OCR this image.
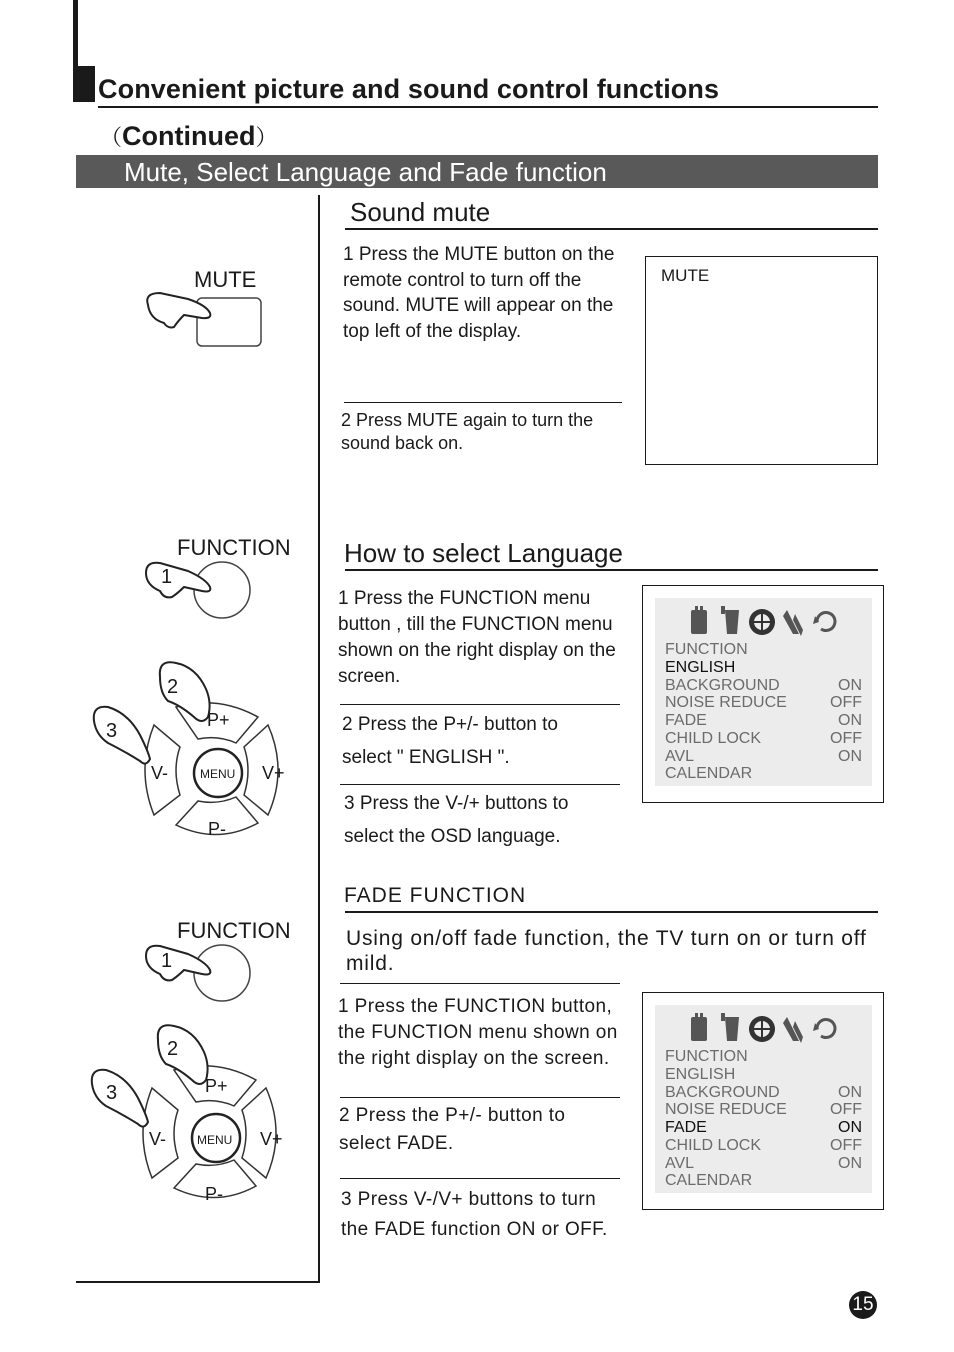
Convenient picture and sound control functions
（Continued）
Mute, Select Language and Fade function
MUTE
FUNCTION
1
2
3	P+
P-
V-	V+
MENU
FUNCTION
1
2
3	P+
P-
V-	V+
MENU
Sound mute
1 Press the MUTE button on the remote control to turn off the sound. MUTE will appear on the top left of the display.
2 Press MUTE again to turn the sound back on.
MUTE
How to select Language
1 Press the FUNCTION menu button , till the FUNCTION menu shown on the right display on the screen.
2 Press the P+/- button to
select " ENGLISH ".
3 Press the V-/+ buttons to
select the OSD language.
FUNCTION
ENGLISH
BACKGROUND	ON
NOISE REDUCE	OFF
FADE	ON
CHILD LOCK	OFF
AVL	ON
CALENDAR
FADE FUNCTION
Using on/off fade function, the TV turn on or turn off mild.
1 Press the FUNCTION button, the FUNCTION menu shown on the right display on the screen.
2 Press the P+/- button to
select FADE.
3 Press V-/V+ buttons to turn
the FADE function ON or OFF.
FUNCTION
ENGLISH
BACKGROUND	ON
NOISE REDUCE	OFF
FADE	ON
CHILD LOCK	OFF
AVL	ON
CALENDAR
15
